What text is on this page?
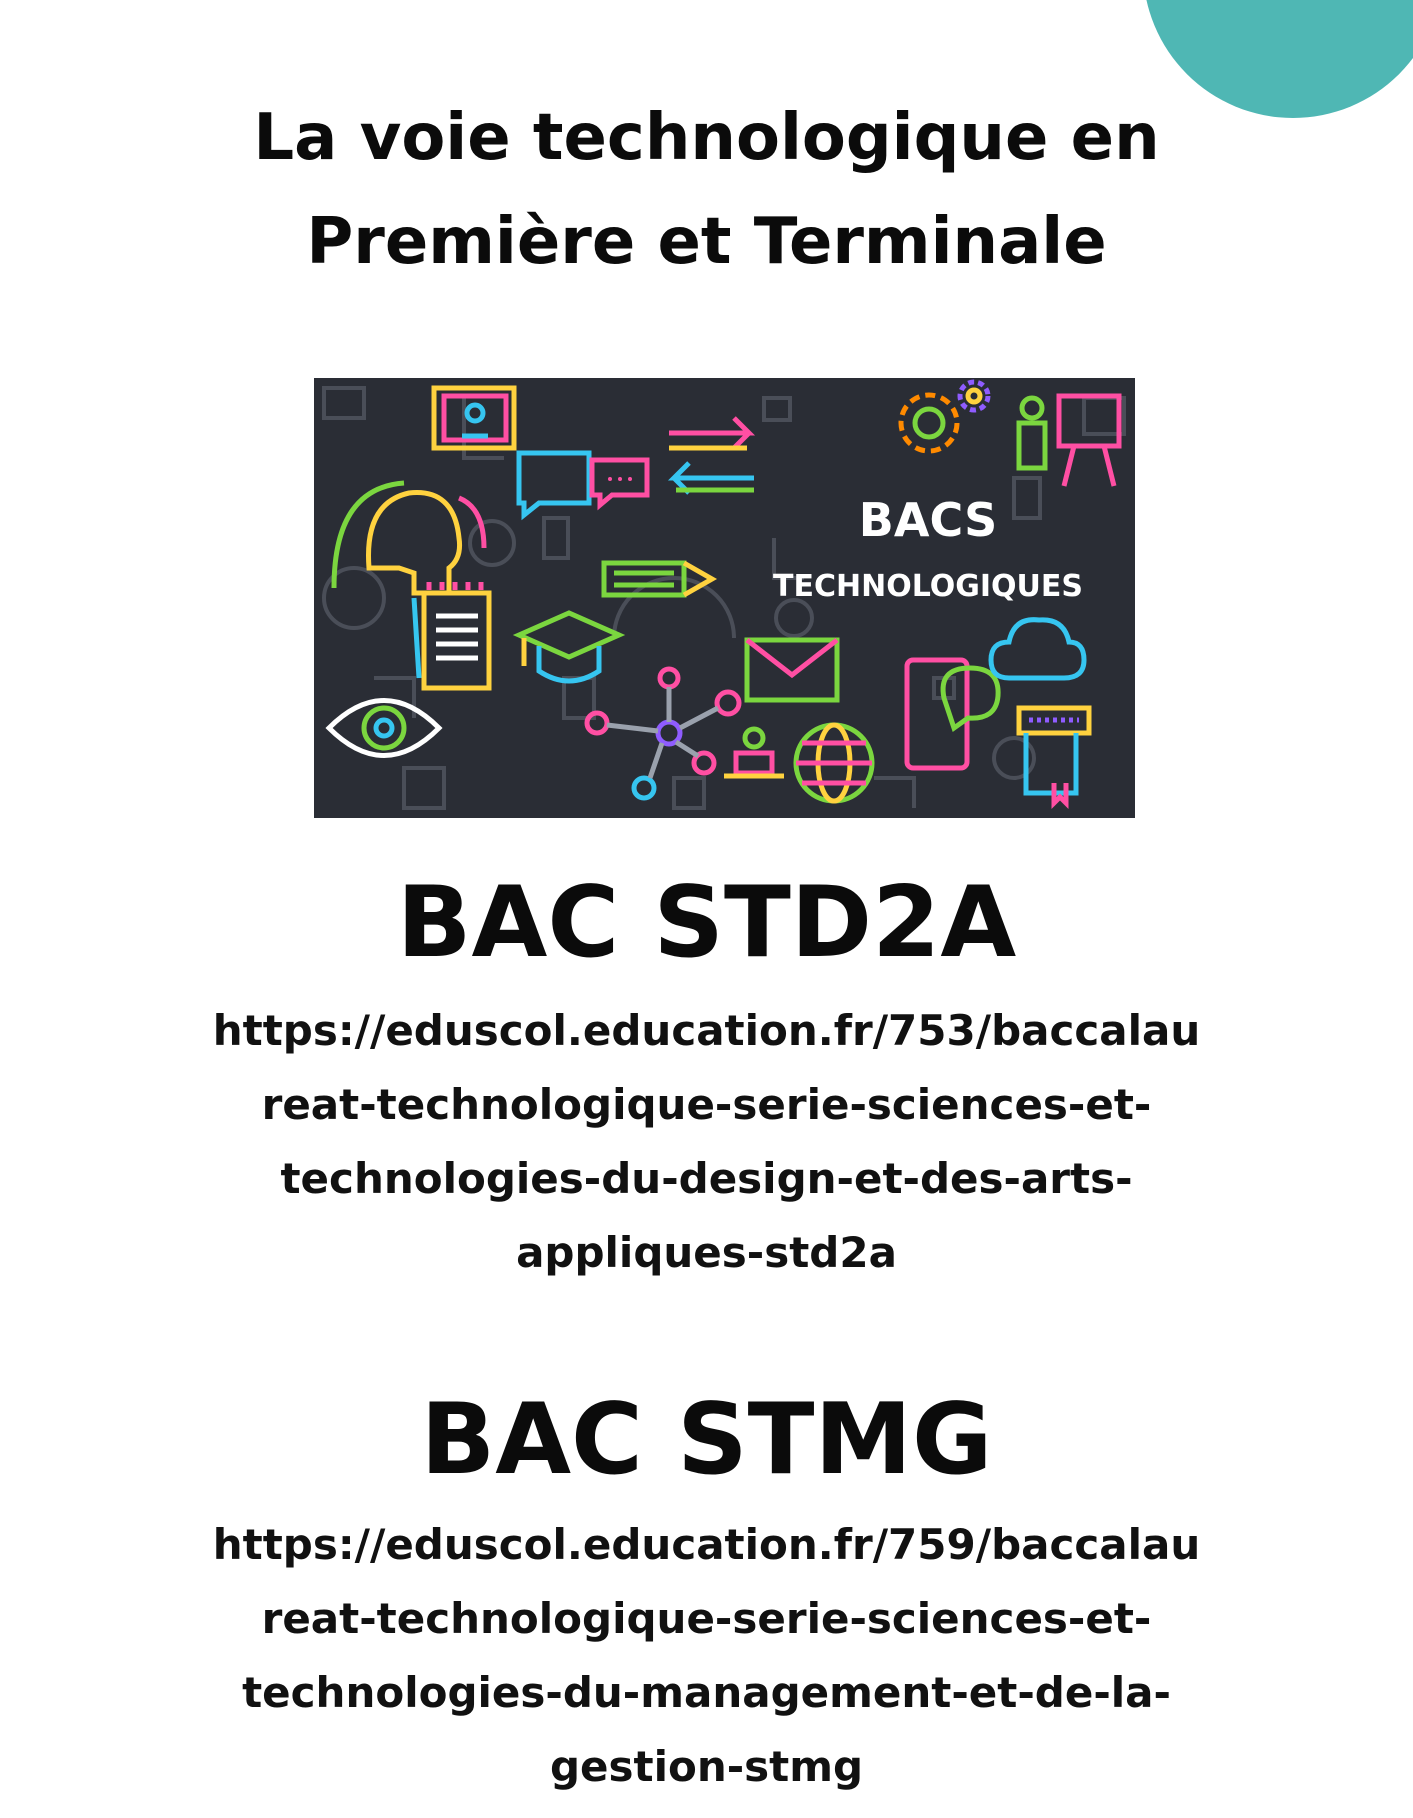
La voie technologique en
Première et Terminale
BACS
TECHNOLOGIQUES
BAC STD2A
https://eduscol.education.fr/753/baccalau
reat-technologique-serie-sciences-et-
technologies-du-design-et-des-arts-
appliques-std2a
BAC STMG
https://eduscol.education.fr/759/baccalau
reat-technologique-serie-sciences-et-
technologies-du-management-et-de-la-
gestion-stmg
